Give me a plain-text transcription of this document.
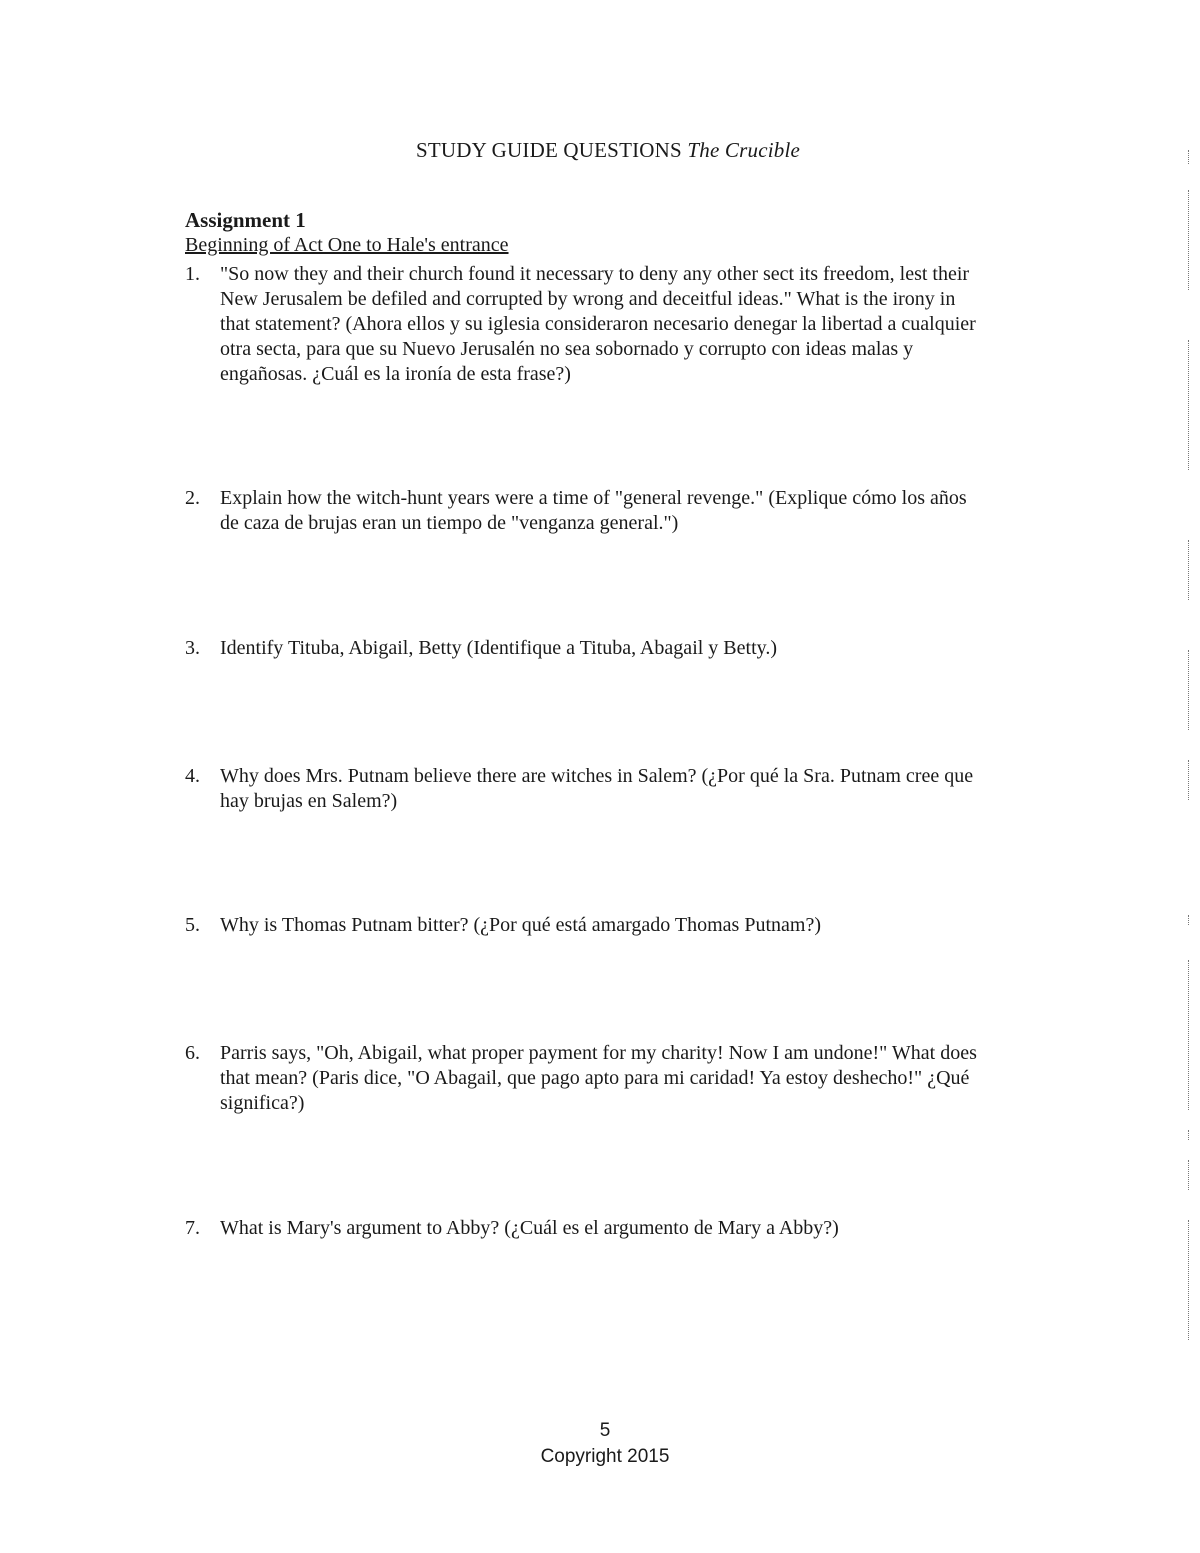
STUDY GUIDE QUESTIONS The Crucible
Assignment 1
Beginning of Act One to Hale's entrance
1.	"So now they and their church found it necessary to deny any other sect its freedom, lest their New Jerusalem be defiled and corrupted by wrong and deceitful ideas." What is the irony in that statement? (Ahora ellos y su iglesia consideraron necesario denegar la libertad a cualquier otra secta, para que su Nuevo Jerusalén no sea sobornado y corrupto con ideas malas y engañosas. ¿Cuál es la ironía de esta frase?)
2.	Explain how the witch-hunt years were a time of "general revenge." (Explique cómo los años de caza de brujas eran un tiempo de "venganza general.")
3.	Identify Tituba, Abigail, Betty (Identifique a Tituba, Abagail y Betty.)
4.	Why does Mrs. Putnam believe there are witches in Salem? (¿Por qué la Sra. Putnam cree que hay brujas en Salem?)
5.	Why is Thomas Putnam bitter? (¿Por qué está amargado Thomas Putnam?)
6.	Parris says, "Oh, Abigail, what proper payment for my charity! Now I am undone!" What does that mean? (Paris dice, "O Abagail, que pago apto para mi caridad! Ya estoy deshecho!" ¿Qué significa?)
7.	What is Mary's argument to Abby? (¿Cuál es el argumento de Mary a Abby?)
5
Copyright 2015
